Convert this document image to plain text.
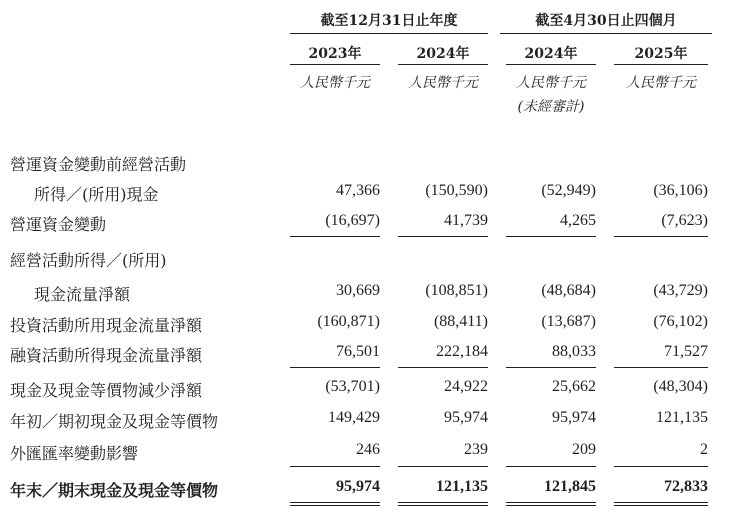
截至12月31日止年度	截至4月30日止四個月
2023年	2024年	2024年	2025年
人民幣千元	人民幣千元	人民幣千元	人民幣千元
(未經審計)
營運資金變動前經營活動
所得／(所用)現金	47,366	(150,590)	(52,949)	(36,106)
營運資金變動	(16,697)	41,739	4,265	(7,623)
經營活動所得／(所用)
現金流量淨額	30,669	(108,851)	(48,684)	(43,729)
投資活動所用現金流量淨額	(160,871)	(88,411)	(13,687)	(76,102)
融資活動所得現金流量淨額	76,501	222,184	88,033	71,527
現金及現金等價物減少淨額	(53,701)	24,922	25,662	(48,304)
年初／期初現金及現金等價物	149,429	95,974	95,974	121,135
外匯匯率變動影響	246	239	209	2
年末／期末現金及現金等價物	95,974	121,135	121,845	72,833
